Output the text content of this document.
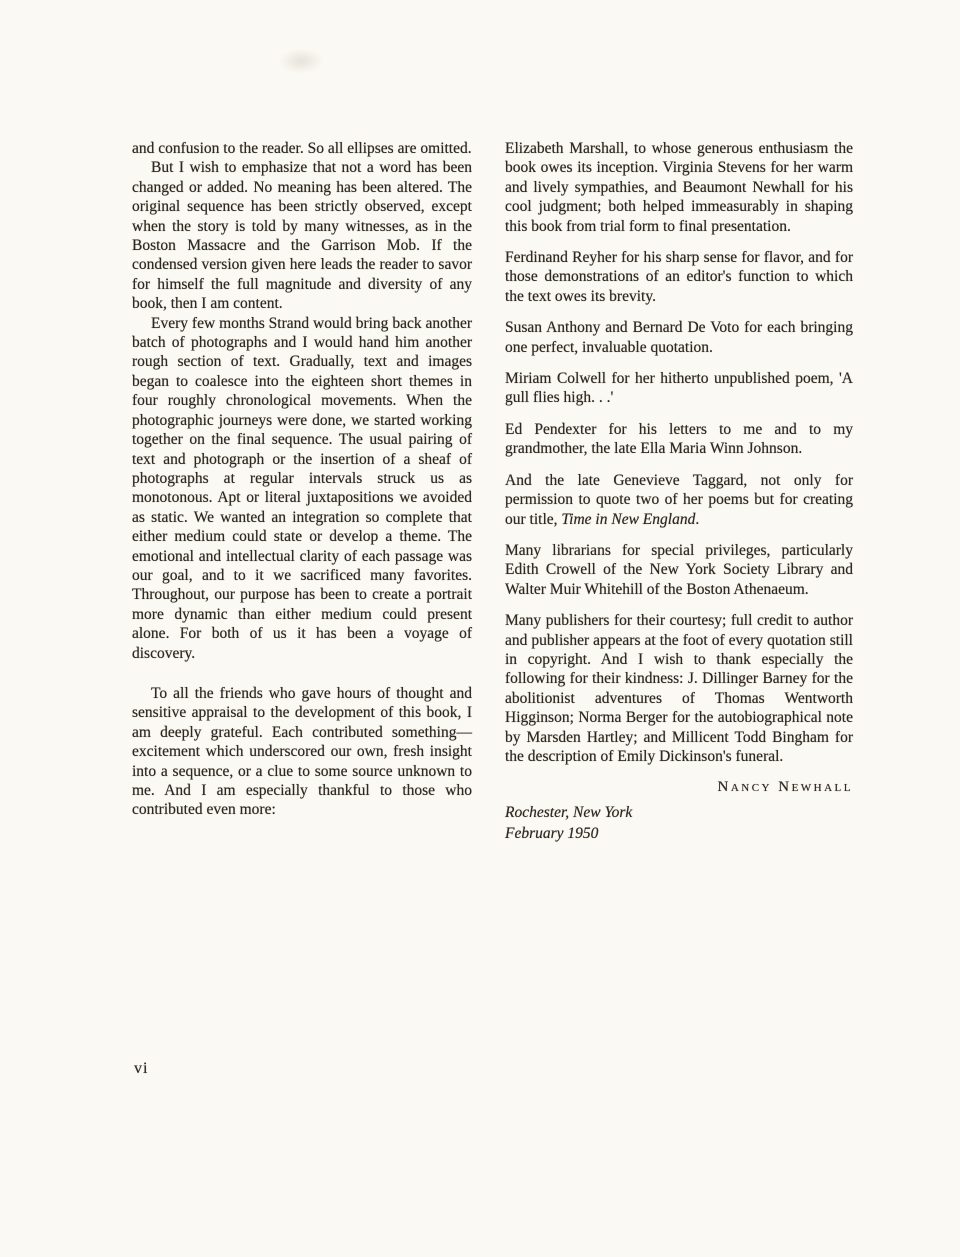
and confusion to the reader. So all ellipses are omitted.

But I wish to emphasize that not a word has been changed or added. No meaning has been altered. The original sequence has been strictly observed, except when the story is told by many witnesses, as in the Boston Massacre and the Garrison Mob. If the condensed version given here leads the reader to savor for himself the full magnitude and diversity of any book, then I am content.

Every few months Strand would bring back another batch of photographs and I would hand him another rough section of text. Gradually, text and images began to coalesce into the eighteen short themes in four roughly chronological movements. When the photographic journeys were done, we started working together on the final sequence. The usual pairing of text and photograph or the insertion of a sheaf of photographs at regular intervals struck us as monotonous. Apt or literal juxtapositions we avoided as static. We wanted an integration so complete that either medium could state or develop a theme. The emotional and intellectual clarity of each passage was our goal, and to it we sacrificed many favorites. Throughout, our purpose has been to create a portrait more dynamic than either medium could present alone. For both of us it has been a voyage of discovery.

To all the friends who gave hours of thought and sensitive appraisal to the development of this book, I am deeply grateful. Each contributed something—excitement which underscored our own, fresh insight into a sequence, or a clue to some source unknown to me. And I am especially thankful to those who contributed even more:

Elizabeth Marshall, to whose generous enthusiasm the book owes its inception. Virginia Stevens for her warm and lively sympathies, and Beaumont Newhall for his cool judgment; both helped immeasurably in shaping this book from trial form to final presentation.

Ferdinand Reyher for his sharp sense for flavor, and for those demonstrations of an editor's function to which the text owes its brevity.

Susan Anthony and Bernard De Voto for each bringing one perfect, invaluable quotation.

Miriam Colwell for her hitherto unpublished poem, 'A gull flies high. . .'

Ed Pendexter for his letters to me and to my grandmother, the late Ella Maria Winn Johnson.

And the late Genevieve Taggard, not only for permission to quote two of her poems but for creating our title, Time in New England.

Many librarians for special privileges, particularly Edith Crowell of the New York Society Library and Walter Muir Whitehill of the Boston Athenaeum.

Many publishers for their courtesy; full credit to author and publisher appears at the foot of every quotation still in copyright. And I wish to thank especially the following for their kindness: J. Dillinger Barney for the abolitionist adventures of Thomas Wentworth Higginson; Norma Berger for the autobiographical note by Marsden Hartley; and Millicent Todd Bingham for the description of Emily Dickinson's funeral.

Nancy Newhall

Rochester, New York

February 1950

vi
